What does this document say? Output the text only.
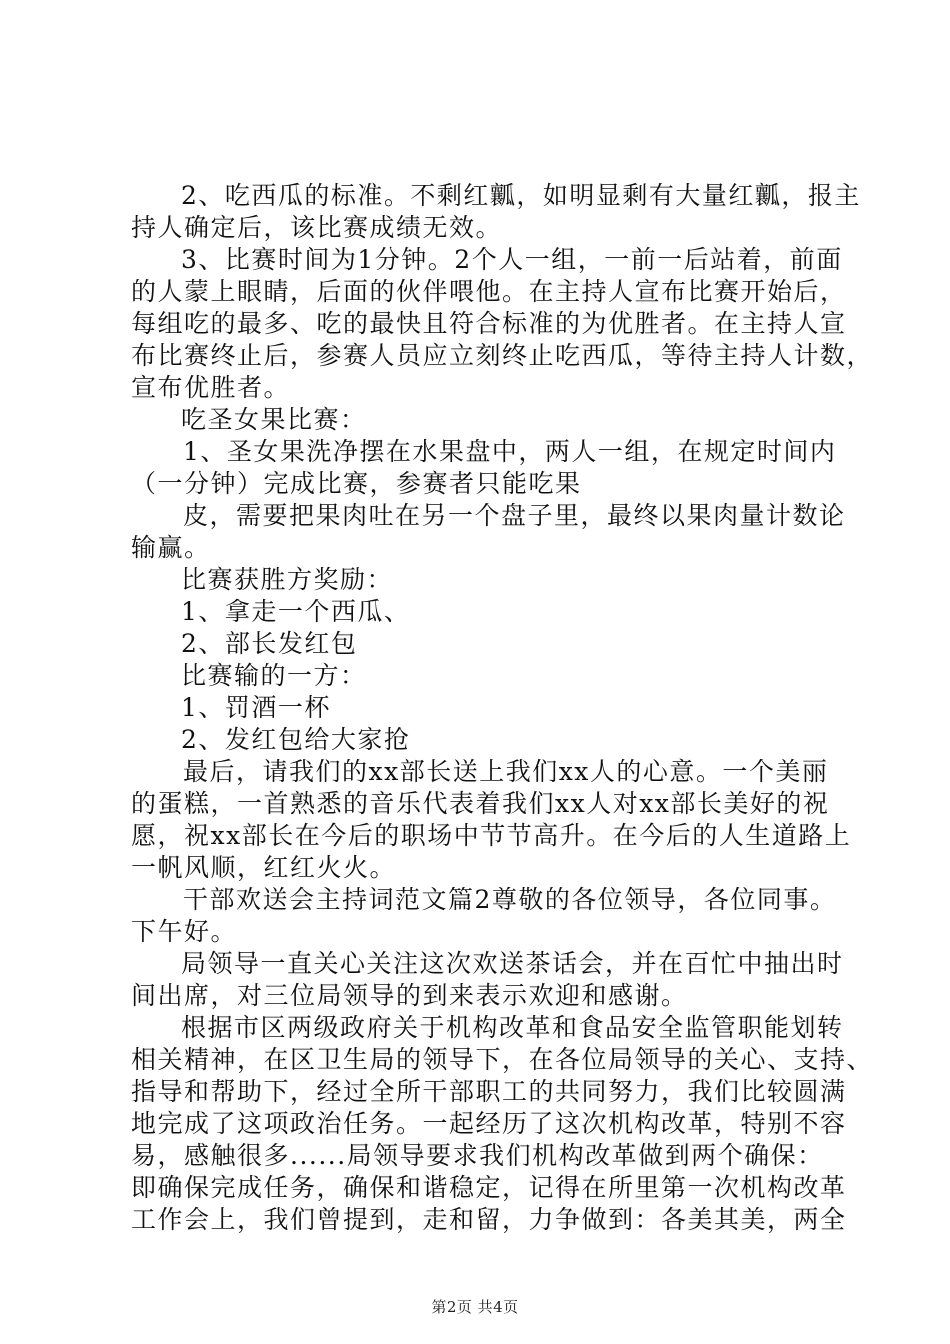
2、吃西瓜的标准。不剩红瓤，如明显剩有大量红瓤，报主
持人确定后，该比赛成绩无效。
3、比赛时间为1分钟。2个人一组，一前一后站着，前面
的人蒙上眼睛，后面的伙伴喂他。在主持人宣布比赛开始后，
每组吃的最多、吃的最快且符合标准的为优胜者。在主持人宣
布比赛终止后，参赛人员应立刻终止吃西瓜，等待主持人计数，
宣布优胜者。
吃圣女果比赛：
1、圣女果洗净摆在水果盘中，两人一组，在规定时间内
（一分钟）完成比赛，参赛者只能吃果
皮，需要把果肉吐在另一个盘子里，最终以果肉量计数论
输赢。
比赛获胜方奖励：
1、拿走一个西瓜、
2、部长发红包
比赛输的一方：
1、罚酒一杯
2、发红包给大家抢
最后，请我们的xx部长送上我们xx人的心意。一个美丽
的蛋糕，一首熟悉的音乐代表着我们xx人对xx部长美好的祝
愿，祝xx部长在今后的职场中节节高升。在今后的人生道路上
一帆风顺，红红火火。
干部欢送会主持词范文篇2尊敬的各位领导，各位同事。
下午好。
局领导一直关心关注这次欢送茶话会，并在百忙中抽出时
间出席，对三位局领导的到来表示欢迎和感谢。
根据市区两级政府关于机构改革和食品安全监管职能划转
相关精神，在区卫生局的领导下，在各位局领导的关心、支持、
指导和帮助下，经过全所干部职工的共同努力，我们比较圆满
地完成了这项政治任务。一起经历了这次机构改革，特别不容
易，感触很多......局领导要求我们机构改革做到两个确保：
即确保完成任务，确保和谐稳定，记得在所里第一次机构改革
工作会上，我们曾提到，走和留，力争做到：各美其美，两全
第2页 共4页
